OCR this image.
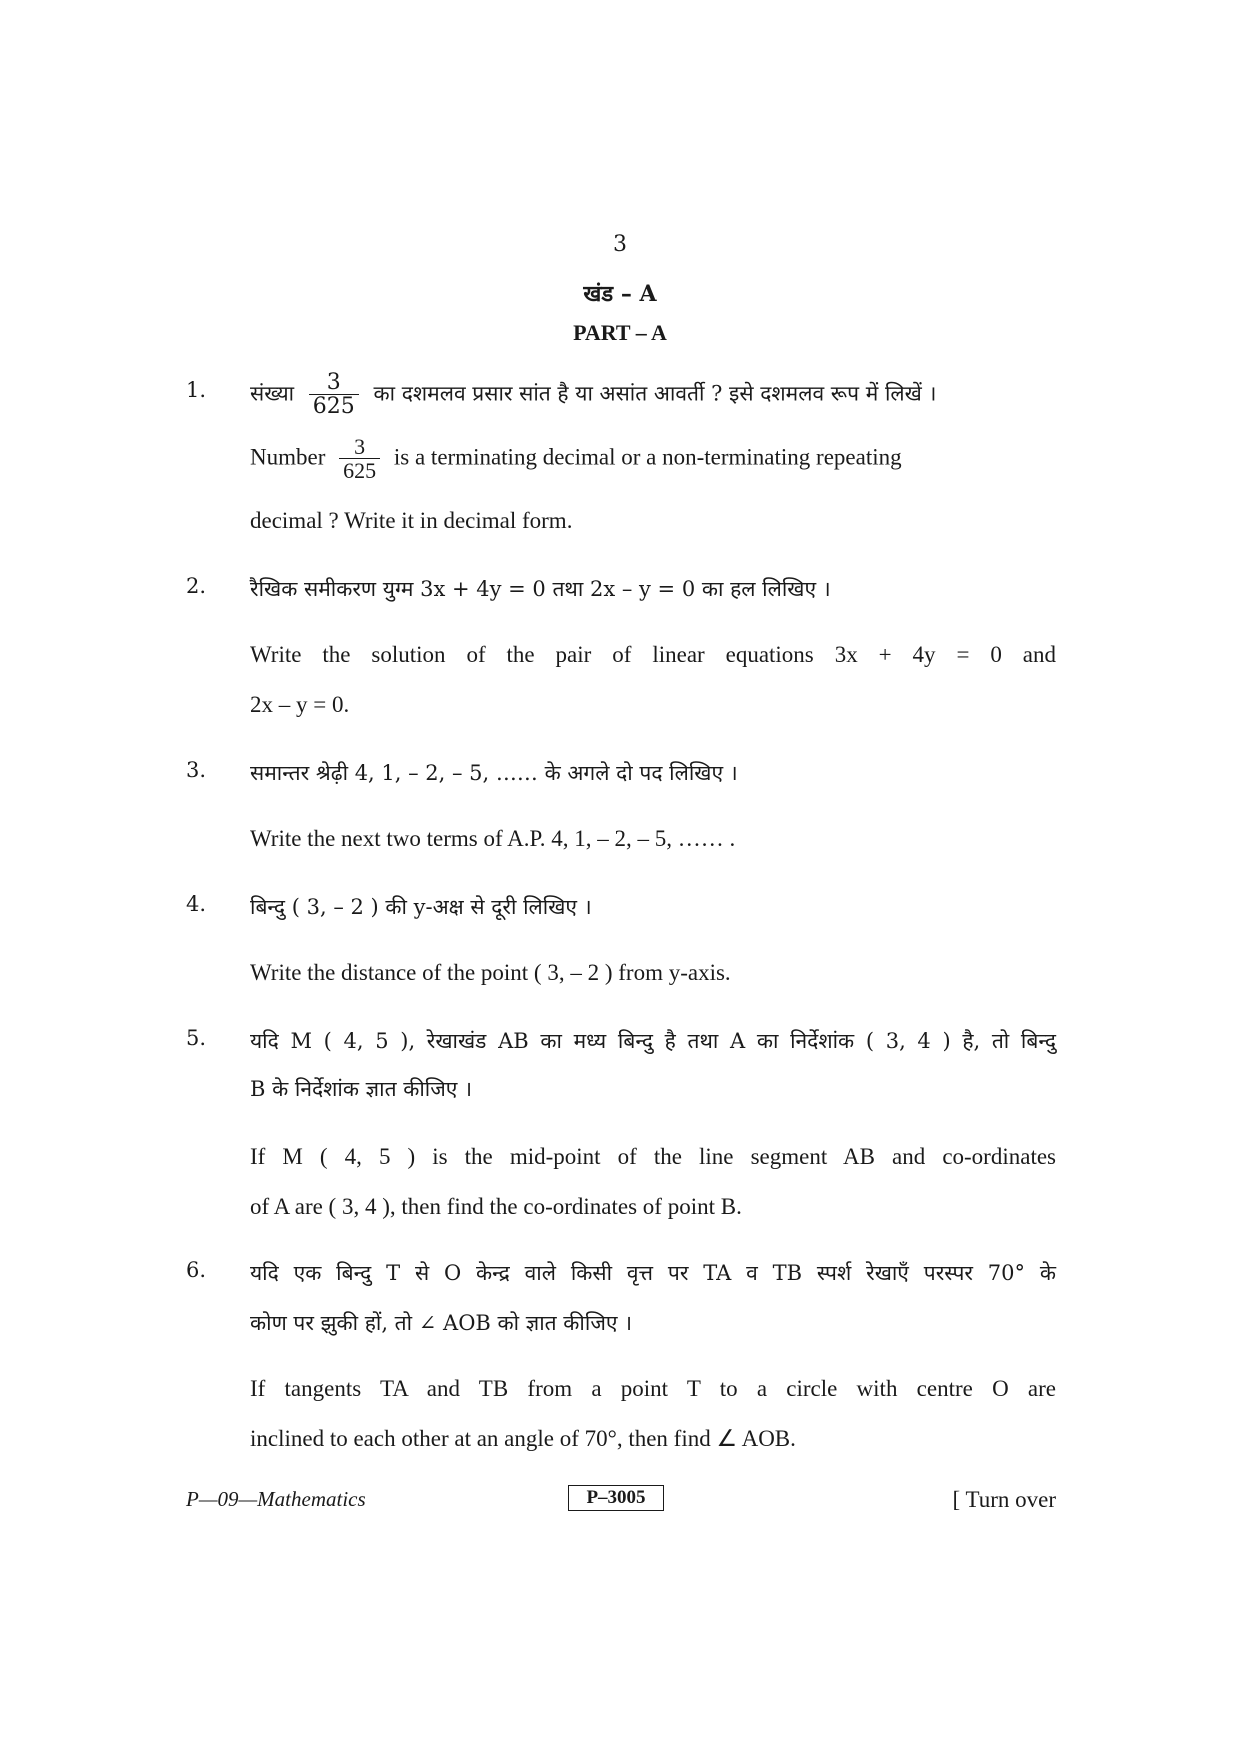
3
खंड – A
PART – A
1. संख्या $\frac{3}{625}$ का दशमलव प्रसार सांत है या असांत आवर्ती ? इसे दशमलव रूप में लिखें ।
Number $\frac{3}{625}$ is a terminating decimal or a non-terminating repeating
decimal ? Write it in decimal form.
2. रैखिक समीकरण युग्म 3x + 4y = 0 तथा 2x – y = 0 का हल लिखिए ।
Write the solution of the pair of linear equations 3x + 4y = 0 and
2x – y = 0.
3. समान्तर श्रेढ़ी 4, 1, – 2, – 5, …… के अगले दो पद लिखिए ।
Write the next two terms of A.P. 4, 1, – 2, – 5, …… .
4. बिन्दु ( 3, – 2 ) की y-अक्ष से दूरी लिखिए ।
Write the distance of the point ( 3, – 2 ) from y-axis.
5. यदि M ( 4, 5 ), रेखाखंड AB का मध्य बिन्दु है तथा A का निर्देशांक ( 3, 4 ) है, तो बिन्दु
B के निर्देशांक ज्ञात कीजिए ।
If M ( 4, 5 ) is the mid-point of the line segment AB and co-ordinates
of A are ( 3, 4 ), then find the co-ordinates of point B.
6. यदि एक बिन्दु T से O केन्द्र वाले किसी वृत्त पर TA व TB स्पर्श रेखाएँ परस्पर 70° के
कोण पर झुकी हों, तो ∠ AOB को ज्ञात कीजिए ।
If tangents TA and TB from a point T to a circle with centre O are
inclined to each other at an angle of 70°, then find ∠ AOB.
P—09—Mathematics	P–3005	[ Turn over
